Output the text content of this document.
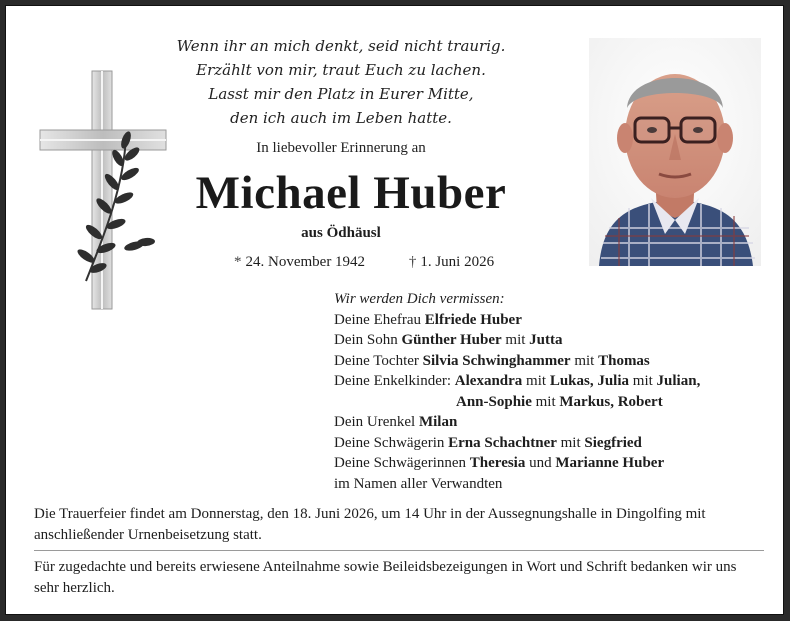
Wenn ihr an mich denkt, seid nicht traurig.
Erzählt von mir, traut Euch zu lachen.
Lasst mir den Platz in Eurer Mitte,
den ich auch im Leben hatte.
In liebevoller Erinnerung an
Michael Huber
aus Ödhäusl
* 24. November 1942	† 1. Juni 2026
Wir werden Dich vermissen:
Deine Ehefrau Elfriede Huber
Dein Sohn Günther Huber mit Jutta
Deine Tochter Silvia Schwinghammer mit Thomas
Deine Enkelkinder: Alexandra mit Lukas, Julia mit Julian,
Ann-Sophie mit Markus, Robert
Dein Urenkel Milan
Deine Schwägerin Erna Schachtner mit Siegfried
Deine Schwägerinnen Theresia und Marianne Huber
im Namen aller Verwandten
Die Trauerfeier findet am Donnerstag, den 18. Juni 2026, um 14 Uhr in der Aussegnungshalle in Dingolfing mit anschließender Urnenbeisetzung statt.
Für zugedachte und bereits erwiesene Anteilnahme sowie Beileidsbezeigungen in Wort und Schrift bedanken wir uns sehr herzlich.
